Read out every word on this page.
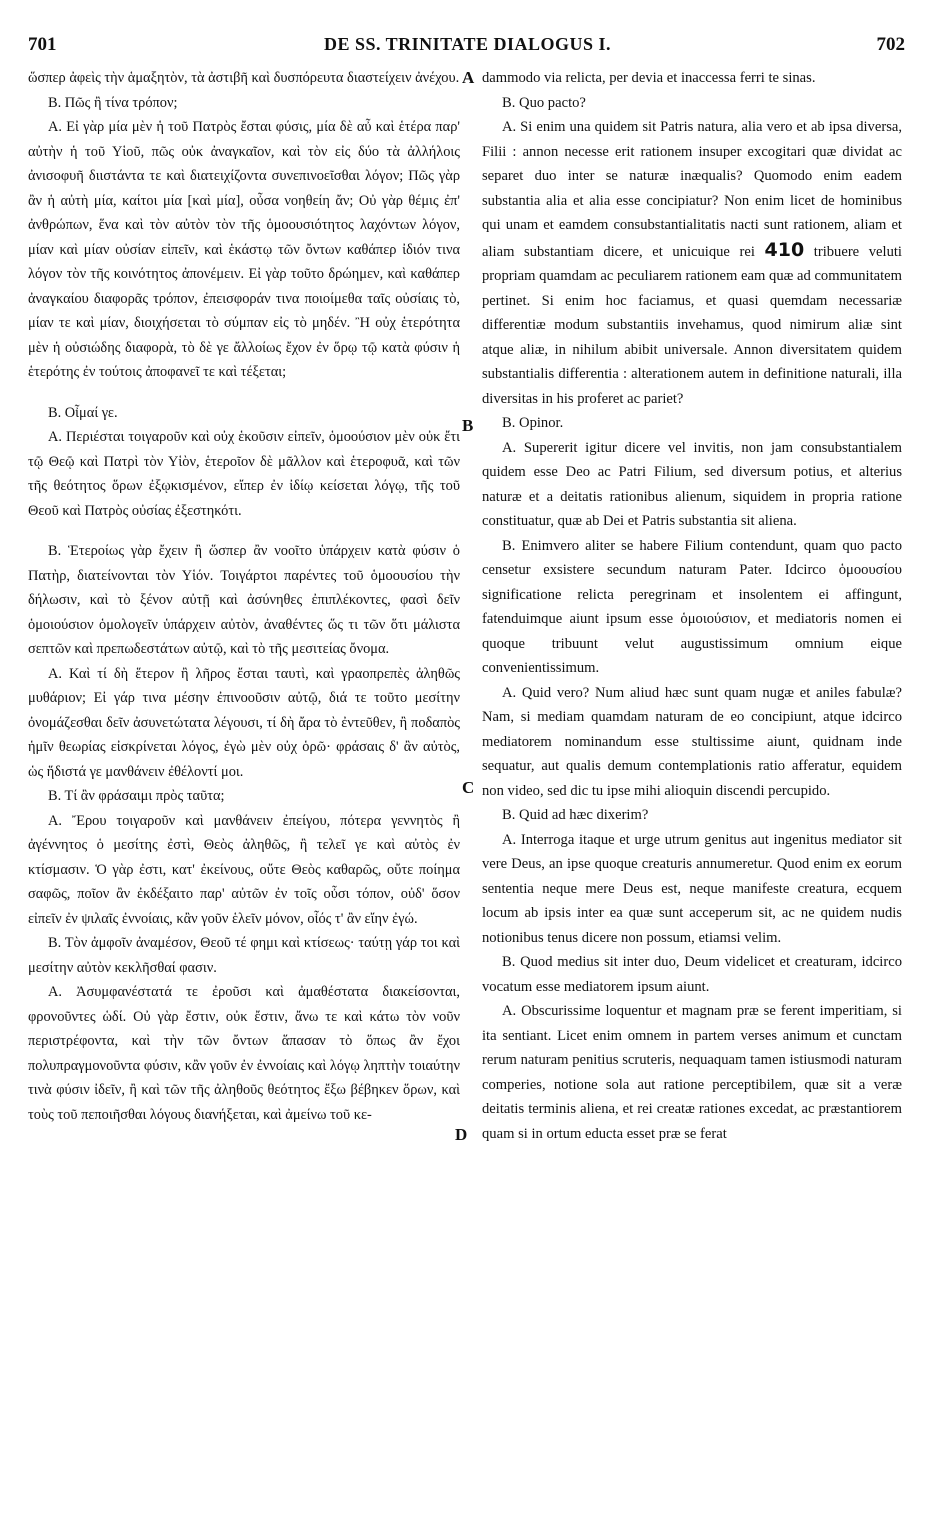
701	DE SS. TRINITATE DIALOGUS I.	702
A
B
C
D

ὥσπερ ἀφεὶς τὴν ἁμαξητὸν, τὰ ἀστιβῆ καὶ δυσπόρευτα διαστείχειν ἀνέχου.

Β. Πῶς ἢ τίνα τρόπον;

Α. Εἰ γὰρ μία μὲν ἡ τοῦ Πατρὸς ἔσται φύσις, μία δὲ αὖ καὶ ἑτέρα παρ' αὐτὴν ἡ τοῦ Υἱοῦ, πῶς οὐκ ἀναγκαῖον, καὶ τὸν εἰς δύο τὰ ἀλλήλοις ἀνισοφυῆ διιστάντα τε καὶ διατειχίζοντα συνεπινοεῖσθαι λόγον; Πῶς γὰρ ἂν ἡ αὐτὴ μία, καίτοι μία [καὶ μία], οὖσα νοηθείη ἄν; Οὐ γὰρ θέμις ἐπ' ἀνθρώπων, ἕνα καὶ τὸν αὐτὸν τὸν τῆς ὁμοουσιότητος λαχόντων λόγον, μίαν καὶ μίαν οὐσίαν εἰπεῖν, καὶ ἑκάστῳ τῶν ὄντων καθάπερ ἰδιόν τινα λόγον τὸν τῆς κοινότητος ἀπονέμειν. Εἰ γὰρ τοῦτο δρώημεν, καὶ καθάπερ ἀναγκαίου διαφορᾶς τρόπον, ἐπεισφοράν τινα ποιοίμεθα ταῖς οὐσίαις τὸ, μίαν τε καὶ μίαν, διοιχήσεται τὸ σύμπαν εἰς τὸ μηδέν. Ἢ οὐχ ἑτερότητα μὲν ἡ οὐσιώδης διαφορὰ, τὸ δὲ γε ἄλλοίως ἔχον ἐν ὅρῳ τῷ κατὰ φύσιν ἡ ἑτερότης ἐν τούτοις ἀποφανεῖ τε καὶ τέξεται;

Β. Οἶμαί γε.

Α. Περιέσται τοιγαροῦν καὶ οὐχ ἑκοῦσιν εἰπεῖν, ὁμοούσιον μὲν οὐκ ἔτι τῷ Θεῷ καὶ Πατρὶ τὸν Υἱὸν, ἑτεροῖον δὲ μᾶλλον καὶ ἑτεροφυᾶ, καὶ τῶν τῆς θεότητος ὅρων ἐξῳκισμένον, εἴπερ ἐν ἰδίῳ κείσεται λόγῳ, τῆς τοῦ Θεοῦ καὶ Πατρὸς οὐσίας ἐξεστηκότι.

Β. Ἑτεροίως γὰρ ἔχειν ἢ ὥσπερ ἂν νοοῖτο ὑπάρχειν κατὰ φύσιν ὁ Πατὴρ, διατείνονται τὸν Υἱόν. Τοιγάρτοι παρέντες τοῦ ὁμοουσίου τὴν δήλωσιν, καὶ τὸ ξένον αὐτῇ καὶ ἀσύνηθες ἐπιπλέκοντες, φασὶ δεῖν ὁμοιούσιον ὁμολογεῖν ὑπάρχειν αὐτὸν, ἀναθέντες ὥς τι τῶν ὅτι μάλιστα σεπτῶν καὶ πρεπωδεστάτων αὐτῷ, καὶ τὸ τῆς μεσιτείας ὄνομα.

Α. Καὶ τί δὴ ἕτερον ἢ λῆρος ἔσται ταυτὶ, καὶ γραοπρεπὲς ἀληθῶς μυθάριον; Εἰ γάρ τινα μέσην ἐπινοοῦσιν αὐτῷ, διά τε τοῦτο μεσίτην ὀνομάζεσθαι δεῖν ἀσυνετώτατα λέγουσι, τί δὴ ἄρα τὸ ἐντεῦθεν, ἢ ποδαπὸς ἡμῖν θεωρίας εἰσκρίνεται λόγος, ἐγὼ μὲν οὐχ ὁρῶ· φράσαις δ' ἂν αὐτὸς, ὡς ἥδιστά γε μανθάνειν ἐθέλοντί μοι.

Β. Τί ἂν φράσαιμι πρὸς ταῦτα;

Α. Ἔρου τοιγαροῦν καὶ μανθάνειν ἐπείγου, πότερα γεννητὸς ἢ ἀγέννητος ὁ μεσίτης ἐστὶ, Θεὸς ἀληθῶς, ἢ τελεῖ γε καὶ αὐτὸς ἐν κτίσμασιν. Ὁ γὰρ ἐστι, κατ' ἐκείνους, οὔτε Θεὸς καθαρῶς, οὔτε ποίημα σαφῶς, ποῖον ἂν ἐκδέξαιτο παρ' αὐτῶν ἐν τοῖς οὖσι τόπον, οὐδ' ὅσον εἰπεῖν ἐν ψιλαῖς ἐννοίαις, κἂν γοῦν ἑλεῖν μόνον, οἷός τ' ἂν εἴην ἐγώ.

Β. Τὸν ἀμφοῖν ἀναμέσον, Θεοῦ τέ φημι καὶ κτίσεως· ταύτῃ γάρ τοι καὶ μεσίτην αὐτὸν κεκλῆσθαί φασιν.

Α. Ἀσυμφανέστατά τε ἐροῦσι καὶ ἀμαθέστατα διακείσονται, φρονοῦντες ὡδί. Οὐ γὰρ ἔστιν, οὐκ ἔστιν, ἄνω τε καὶ κάτω τὸν νοῦν περιστρέφοντα, καὶ τὴν τῶν ὄντων ἅπασαν τὸ ὅπως ἂν ἔχοι πολυπραγμονοῦντα φύσιν, κἂν γοῦν ἐν ἐννοίαις καὶ λόγῳ ληπτὴν τοιαύτην τινὰ φύσιν ἰδεῖν, ἢ καὶ τῶν τῆς ἀληθοῦς θεότητος ἔξω βέβηκεν ὅρων, καὶ τοὺς τοῦ πεποιῆσθαι λόγους διανήξεται, καὶ ἀμείνω τοῦ κε-

dammodo via relicta, per devia et inaccessa ferri te sinas.

B. Quo pacto?

A. Si enim una quidem sit Patris natura, alia vero et ab ipsa diversa, Filii : annon necesse erit rationem insuper excogitari quæ dividat ac separet duo inter se naturæ inæqualis? Quomodo enim eadem substantia alia et alia esse concipiatur? Non enim licet de hominibus qui unam et eamdem consubstantialitatis nacti sunt rationem, aliam et aliam substantiam dicere, et unicuique rei 410 tribuere veluti propriam quamdam ac peculiarem rationem eam quæ ad communitatem pertinet. Si enim hoc faciamus, et quasi quemdam necessariæ differentiæ modum substantiis invehamus, quod nimirum aliæ sint atque aliæ, in nihilum abibit universale. Annon diversitatem quidem substantialis differentia : alterationem autem in definitione naturali, illa diversitas in his proferet ac pariet?

B. Opinor.

A. Supererit igitur dicere vel invitis, non jam consubstantialem quidem esse Deo ac Patri Filium, sed diversum potius, et alterius naturæ et a deitatis rationibus alienum, siquidem in propria ratione constituatur, quæ ab Dei et Patris substantia sit aliena.

B. Enimvero aliter se habere Filium contendunt, quam quo pacto censetur exsistere secundum naturam Pater. Idcirco ὁμοουσίου significatione relicta peregrinam et insolentem ei affingunt, fatenduimque aiunt ipsum esse ὁμοιούσιον, et mediatoris nomen ei quoque tribuunt velut augustissimum omnium eique convenientissimum.

A. Quid vero? Num aliud hæc sunt quam nugæ et aniles fabulæ? Nam, si mediam quamdam naturam de eo concipiunt, atque idcirco mediatorem nominandum esse stultissime aiunt, quidnam inde sequatur, aut qualis demum contemplationis ratio afferatur, equidem non video, sed dic tu ipse mihi alioquin discendi percupido.

B. Quid ad hæc dixerim?

A. Interroga itaque et urge utrum genitus aut ingenitus mediator sit vere Deus, an ipse quoque creaturis annumeretur. Quod enim ex eorum sententia neque mere Deus est, neque manifeste creatura, ecquem locum ab ipsis inter ea quæ sunt acceperum sit, ac ne quidem nudis notionibus tenus dicere non possum, etiamsi velim.

B. Quod medius sit inter duo, Deum videlicet et creaturam, idcirco vocatum esse mediatorem ipsum aiunt.

A. Obscurissime loquentur et magnam præ se ferent imperitiam, si ita sentiant. Licet enim omnem in partem verses animum et cunctam rerum naturam penitius scruteris, nequaquam tamen istiusmodi naturam comperies, notione sola aut ratione perceptibilem, quæ sit a veræ deitatis terminis aliena, et rei creatæ rationes excedat, ac præstantiorem quam si in ortum educta esset præ se ferat
